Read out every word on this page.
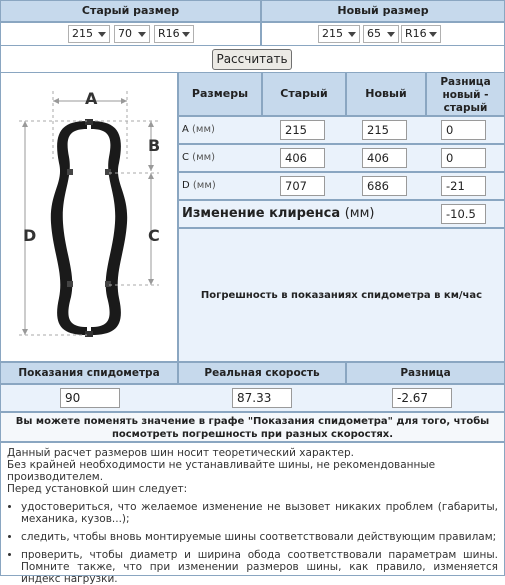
Старый размер	Новый размер
215	70	R16	215	65	R16
Рассчитать
A
B
C
D
Размеры	Старый	Новый
Разница новый - старый
A (мм)	215	215	0
C (мм)	406	406	0
D (мм)	707	686	-21
Изменение клиренса (мм)	-10.5
Погрешность в показаниях спидометра в км/час
Показания спидометра	Реальная скорость	Разница
90	87.33	-2.67
Вы можете поменять значение в графе "Показания спидометра" для того, чтобы посмотреть погрешность при разных скоростях.

Данный расчет размеров шин носит теоретический характер.

Без крайней необходимости не устанавливайте шины, не рекомендованные производителем.

Перед установкой шин следует:

• удостовериться, что желаемое изменение не вызовет никаких проблем (габариты, механика, кузов...);
• следить, чтобы вновь монтируемые шины соответствовали действующим правилам;
• проверить, чтобы диаметр и ширина обода соответствовали параметрам шины. Помните также, что при изменении размеров шины, как правило, изменяется индекс нагрузки.
